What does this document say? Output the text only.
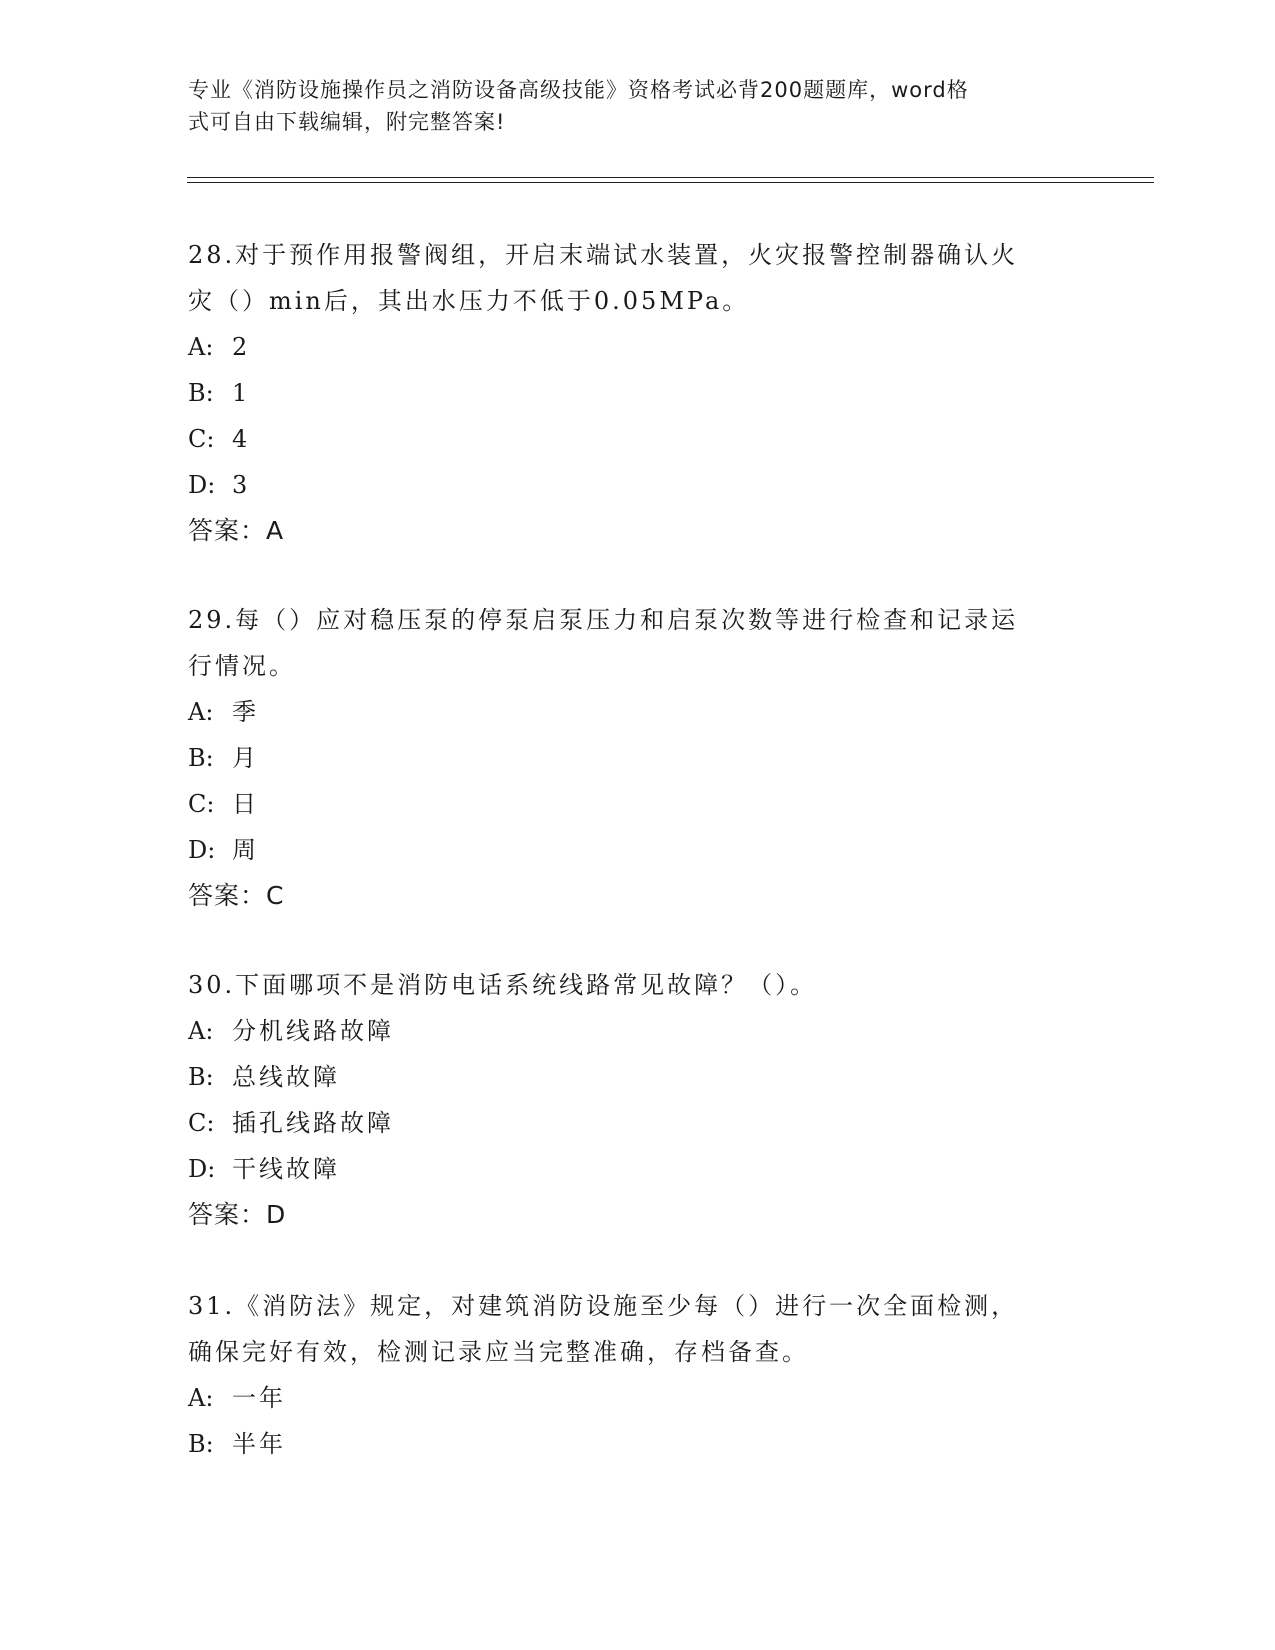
专业《消防设施操作员之消防设备高级技能》资格考试必背200题题库，word格
式可自由下载编辑，附完整答案!
28.对于预作用报警阀组，开启末端试水装置，火灾报警控制器确认火
灾（）min后，其出水压力不低于0.05MPa。
A: 2
B: 1
C: 4
D: 3
答案：A
29.每（）应对稳压泵的停泵启泵压力和启泵次数等进行检查和记录运
行情况。
A: 季
B: 月
C: 日
D: 周
答案：C
30.下面哪项不是消防电话系统线路常见故障？（）。
A: 分机线路故障
B: 总线故障
C: 插孔线路故障
D: 干线故障
答案：D
31.《消防法》规定，对建筑消防设施至少每（）进行一次全面检测，
确保完好有效，检测记录应当完整准确，存档备查。
A: 一年
B: 半年
